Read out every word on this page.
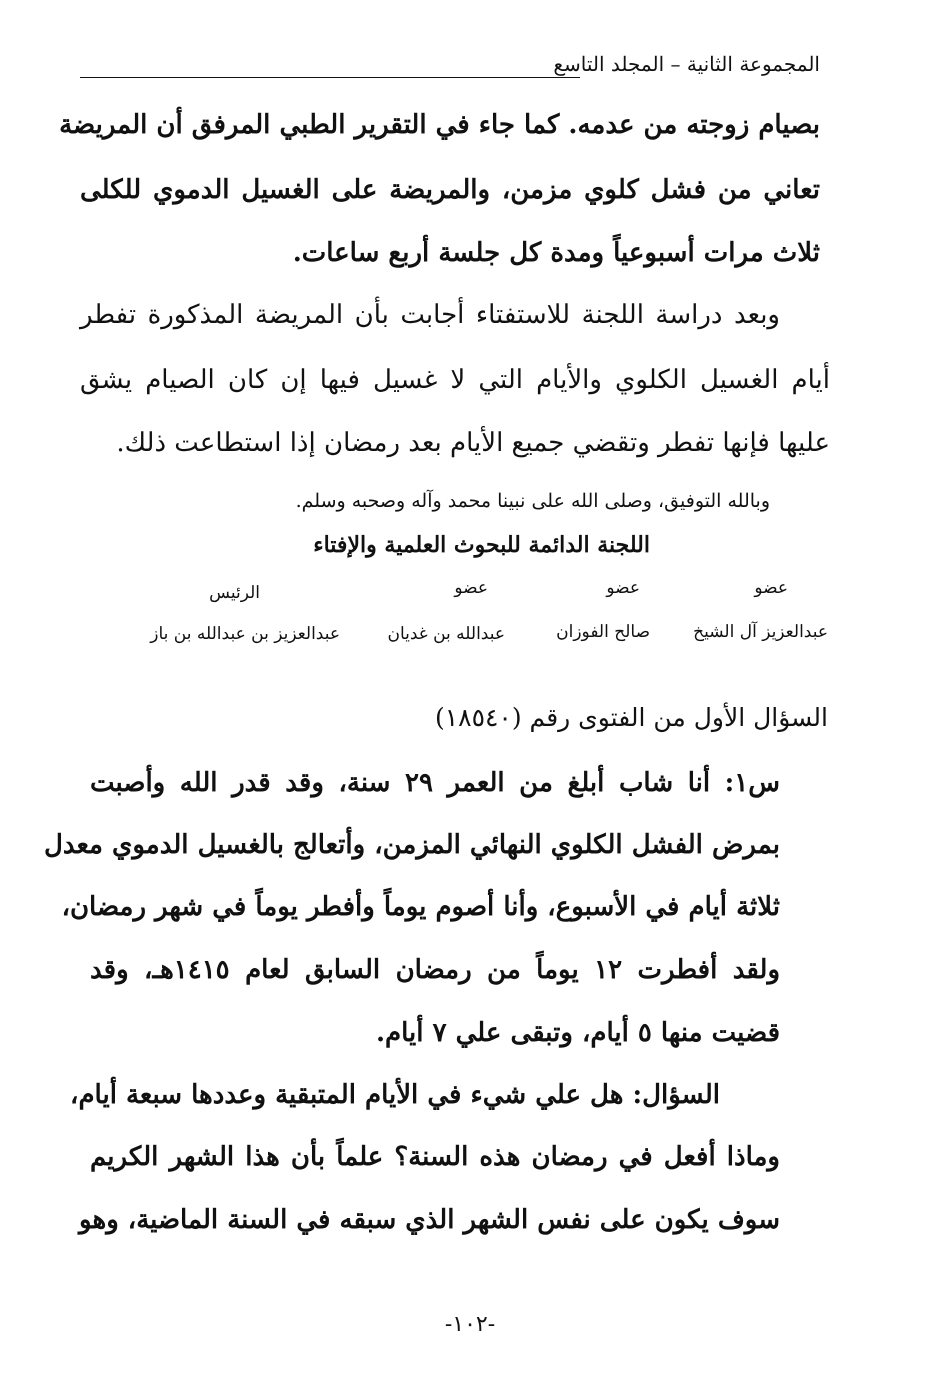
المجموعة الثانية – المجلد التاسع
بصيام زوجته من عدمه. كما جاء في التقرير الطبي المرفق أن المريضة
تعاني من فشل كلوي مزمن، والمريضة على الغسيل الدموي للكلى
ثلاث مرات أسبوعياً ومدة كل جلسة أربع ساعات.
وبعد دراسة اللجنة للاستفتاء أجابت بأن المريضة المذكورة تفطر
أيام الغسيل الكلوي والأيام التي لا غسيل فيها إن كان الصيام يشق
عليها فإنها تفطر وتقضي جميع الأيام بعد رمضان إذا استطاعت ذلك.
وبالله التوفيق، وصلى الله على نبينا محمد وآله وصحبه وسلم.
اللجنة الدائمة للبحوث العلمية والإفتاء
عضو
عضو
عضو
الرئيس
عبدالعزيز آل الشيخ
صالح الفوزان
عبدالله بن غديان
عبدالعزيز بن عبدالله بن باز
السؤال الأول من الفتوى رقم (١٨٥٤٠)
س١: أنا شاب أبلغ من العمر ٢٩ سنة، وقد قدر الله وأصبت
بمرض الفشل الكلوي النهائي المزمن، وأتعالج بالغسيل الدموي معدل
ثلاثة أيام في الأسبوع، وأنا أصوم يوماً وأفطر يوماً في شهر رمضان،
ولقد أفطرت ١٢ يوماً من رمضان السابق لعام ١٤١٥هـ، وقد
قضيت منها ٥ أيام، وتبقى علي ٧ أيام.
السؤال: هل علي شيء في الأيام المتبقية وعددها سبعة أيام،
وماذا أفعل في رمضان هذه السنة؟ علماً بأن هذا الشهر الكريم
سوف يكون على نفس الشهر الذي سبقه في السنة الماضية، وهو
-١٠٢-
